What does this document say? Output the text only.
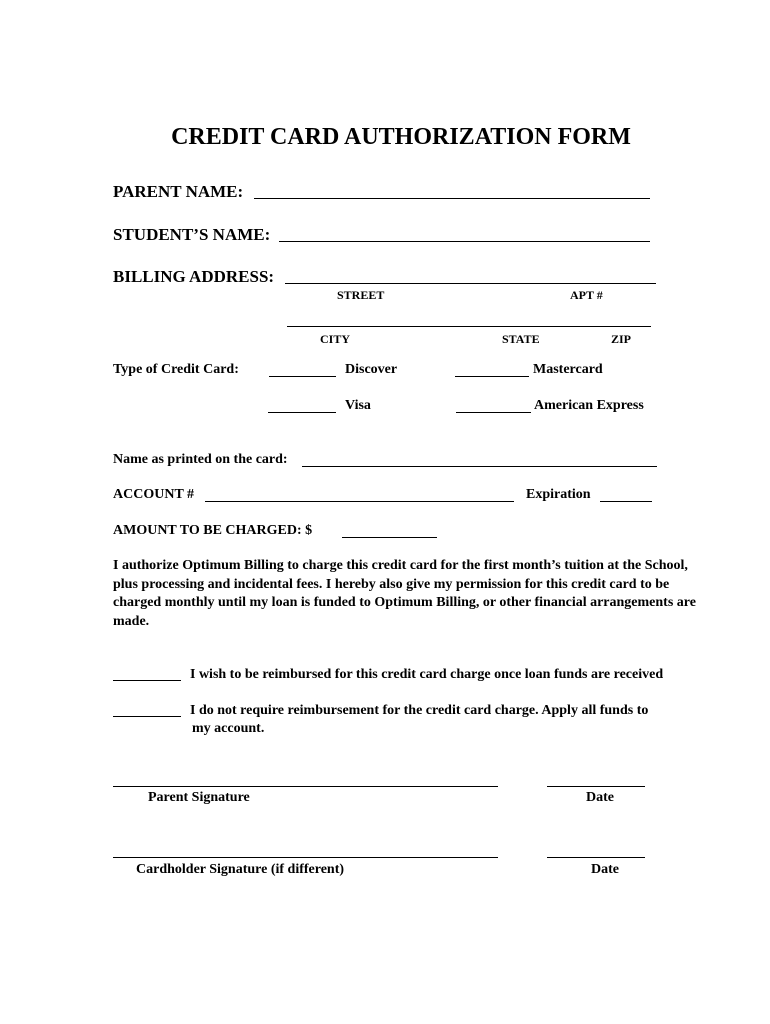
CREDIT CARD AUTHORIZATION FORM
PARENT NAME:
STUDENT’S NAME:
BILLING ADDRESS:
STREET	APT #
CITY	STATE	ZIP
Type of Credit Card:	Discover	Mastercard
Visa	American Express
Name as printed on the card:
ACCOUNT #	Expiration
AMOUNT TO BE CHARGED: $
I authorize Optimum Billing to charge this credit card for the first month’s tuition at the School, plus processing and incidental fees. I hereby also give my permission for this credit card to be charged monthly until my loan is funded to Optimum Billing, or other financial arrangements are made.
I wish to be reimbursed for this credit card charge once loan funds are received
I do not require reimbursement for the credit card charge. Apply all funds to
my account.
Parent Signature	Date
Cardholder Signature (if different)	Date
